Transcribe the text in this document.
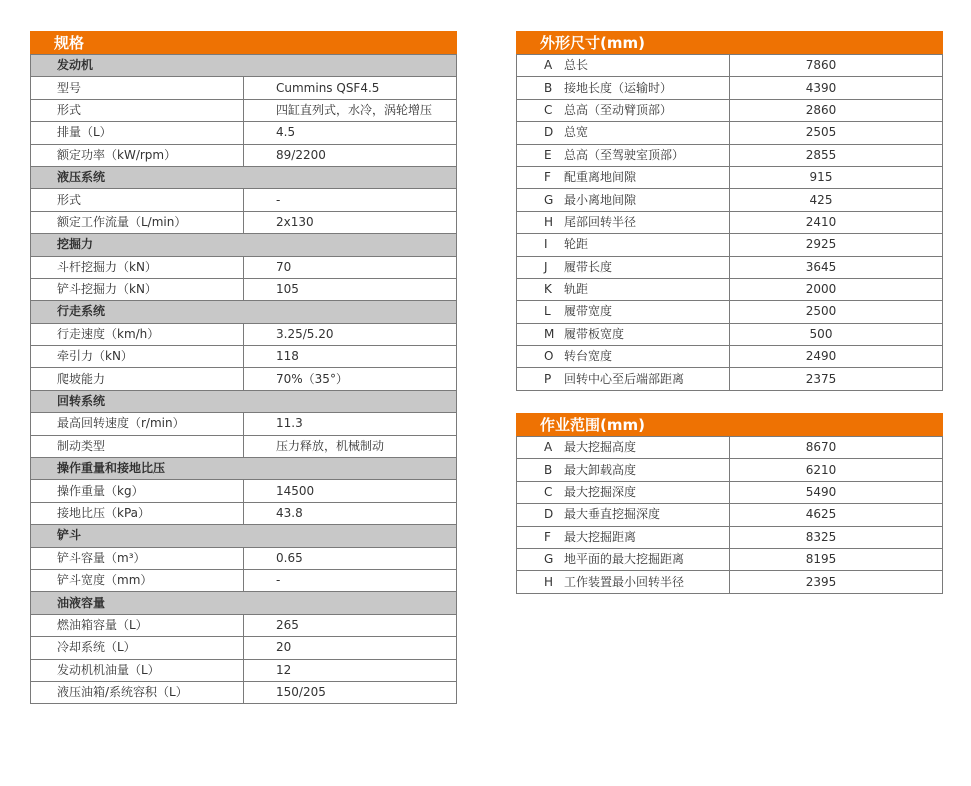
规格
发动机	
型号	Cummins QSF4.5
形式	四缸直列式，水冷，涡轮增压
排量（L）	4.5
额定功率（kW/rpm）	89/2200
液压系统	
形式	-
额定工作流量（L/min）	2x130
挖掘力	
斗杆挖掘力（kN）	70
铲斗挖掘力（kN）	105
行走系统	
行走速度（km/h）	3.25/5.20
牵引力（kN）	118
爬坡能力	70%（35°）
回转系统	
最高回转速度（r/min）	11.3
制动类型	压力释放，机械制动
操作重量和接地比压	
操作重量（kg）	14500
接地比压（kPa）	43.8
铲斗	
铲斗容量（m³）	0.65
铲斗宽度（mm）	-
油液容量	
燃油箱容量（L）	265
冷却系统（L）	20
发动机机油量（L）	12
液压油箱/系统容积（L）	150/205
外形尺寸(mm)
A 总长	7860
B 接地长度（运输时）	4390
C 总高（至动臂顶部）	2860
D 总宽	2505
E 总高（至驾驶室顶部）	2855
F 配重离地间隙	915
G 最小离地间隙	425
H 尾部回转半径	2410
I 轮距	2925
J 履带长度	3645
K 轨距	2000
L 履带宽度	2500
M 履带板宽度	500
O 转台宽度	2490
P 回转中心至后端部距离	2375
作业范围(mm)
A 最大挖掘高度	8670
B 最大卸载高度	6210
C 最大挖掘深度	5490
D 最大垂直挖掘深度	4625
F 最大挖掘距离	8325
G 地平面的最大挖掘距离	8195
H 工作装置最小回转半径	2395
